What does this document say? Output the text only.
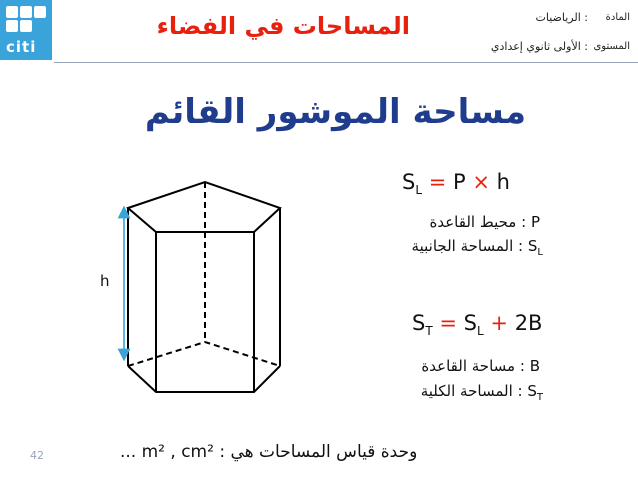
citi
المساحات في الفضاء	المادة
: الرياضيات
المستوى
: الأولى ثانوي إعدادي
مساحة الموشور القائم
$S_L = P \times h$
P : محيط القاعدة
$S_L$ : المساحة الجانبية
$S_T = S_L + 2B$
B : مساحة القاعدة
$S_T$ : المساحة الكلية
h
... m² , cm² وحدة قياس المساحات هي :
42
